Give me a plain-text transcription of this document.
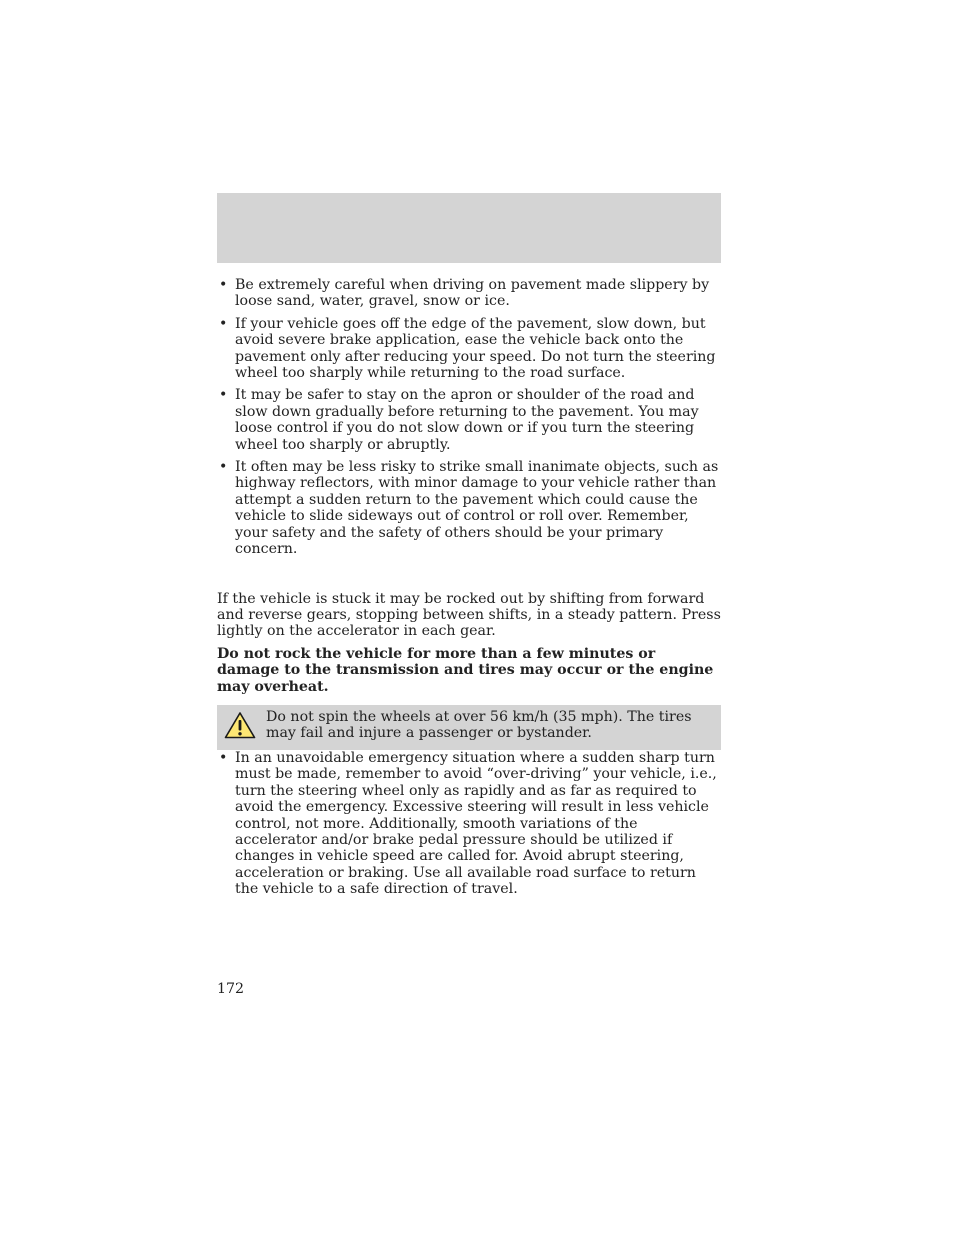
• Be extremely careful when driving on pavement made slippery by loose sand, water, gravel, snow or ice.
• If your vehicle goes off the edge of the pavement, slow down, but avoid severe brake application, ease the vehicle back onto the pavement only after reducing your speed. Do not turn the steering wheel too sharply while returning to the road surface.
• It may be safer to stay on the apron or shoulder of the road and slow down gradually before returning to the pavement. You may loose control if you do not slow down or if you turn the steering wheel too sharply or abruptly.
• It often may be less risky to strike small inanimate objects, such as highway reflectors, with minor damage to your vehicle rather than attempt a sudden return to the pavement which could cause the vehicle to slide sideways out of control or roll over. Remember, your safety and the safety of others should be your primary concern.

If the vehicle is stuck it may be rocked out by shifting from forward and reverse gears, stopping between shifts, in a steady pattern. Press lightly on the accelerator in each gear.

Do not rock the vehicle for more than a few minutes or damage to the transmission and tires may occur or the engine may overheat.

Do not spin the wheels at over 56 km/h (35 mph). The tires may fail and injure a passenger or bystander.
• In an unavoidable emergency situation where a sudden sharp turn must be made, remember to avoid “over-driving” your vehicle, i.e., turn the steering wheel only as rapidly and as far as required to avoid the emergency. Excessive steering will result in less vehicle control, not more. Additionally, smooth variations of the accelerator and/or brake pedal pressure should be utilized if changes in vehicle speed are called for. Avoid abrupt steering, acceleration or braking. Use all available road surface to return the vehicle to a safe direction of travel.
172
